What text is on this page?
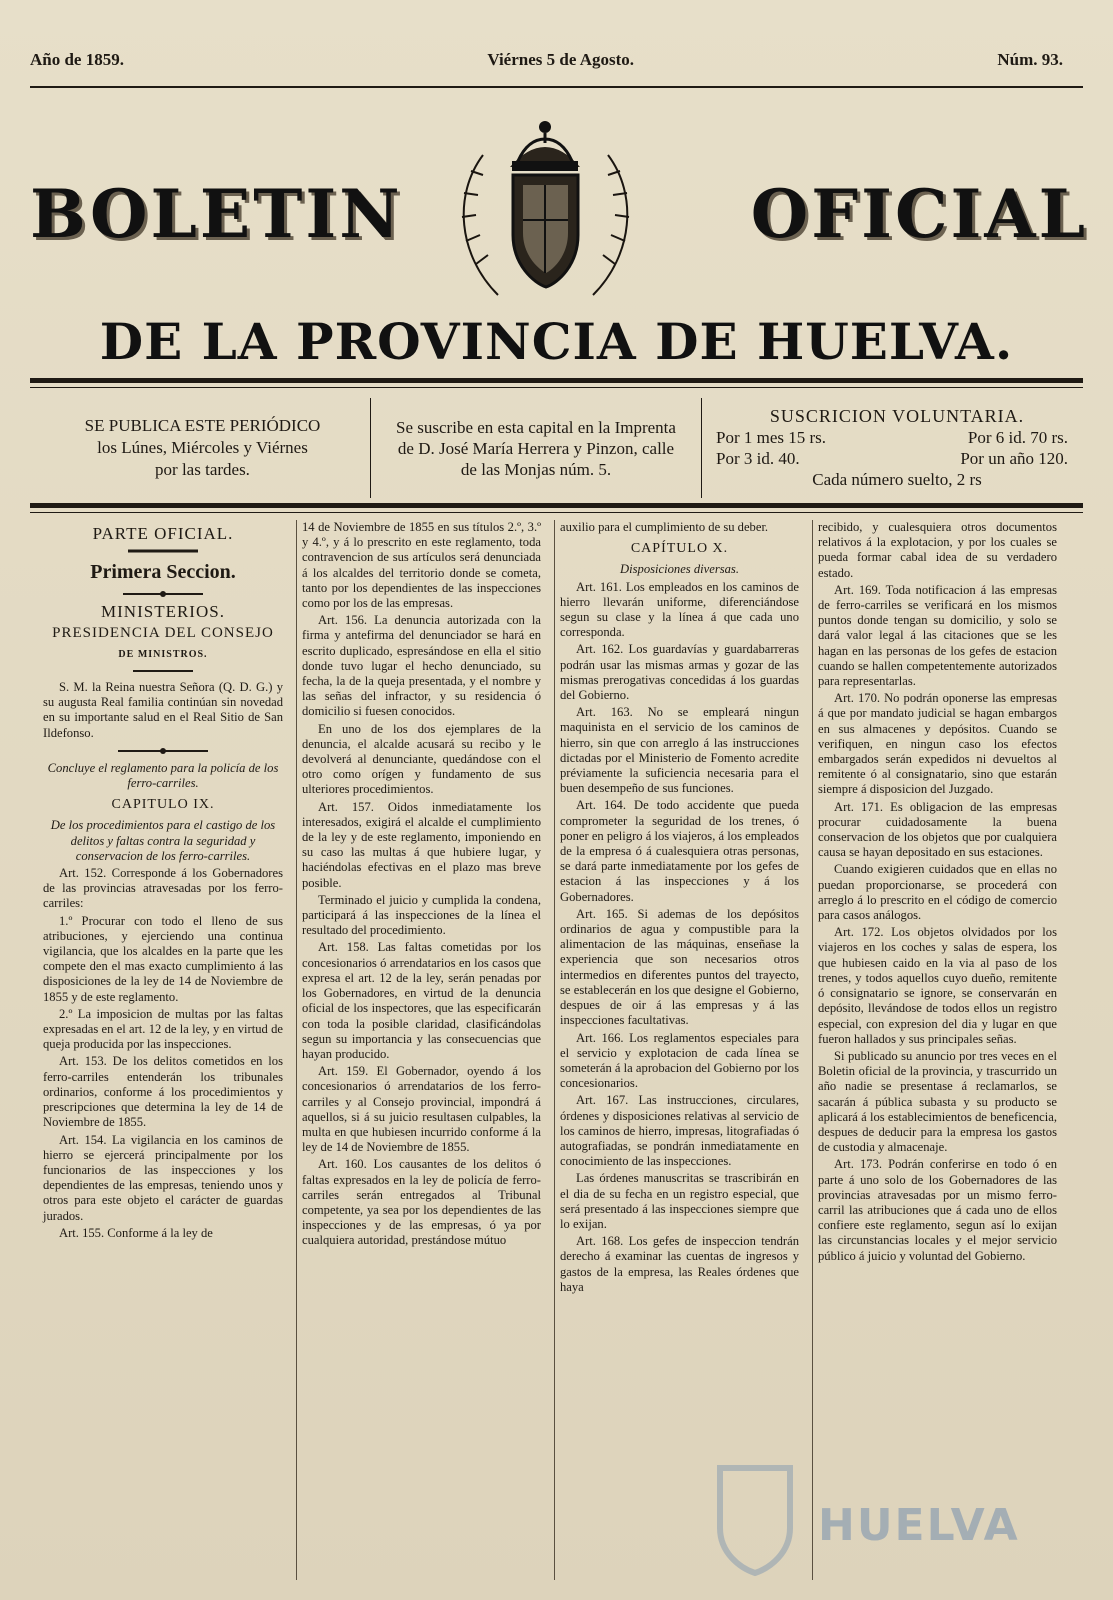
Año de 1859.	Viérnes 5 de Agosto.	Núm. 93.
BOLETIN	OFICIAL
DE LA PROVINCIA DE HUELVA.
SE PUBLICA ESTE PERIÓDICO
los Lúnes, Miércoles y Viérnes
por las tardes.
Se suscribe en esta capital en la Imprenta
de D. José María Herrera y Pinzon, calle
de las Monjas núm. 5.
SUSCRICION VOLUNTARIA.
Por 1 mes 15 rs.	Por 6 id. 70 rs.
Por 3 id. 40.	Por un año 120.
Cada número suelto, 2 rs

PARTE OFICIAL.

Primera Seccion.

MINISTERIOS.

PRESIDENCIA DEL CONSEJO

DE MINISTROS.

S. M. la Reina nuestra Señora (Q. D. G.) y su augusta Real familia continúan sin novedad en su importante salud en el Real Sitio de San Ildefonso.

Concluye el reglamento para la policía de los ferro-carriles.

CAPITULO IX.

De los procedimientos para el castigo de los delitos y faltas contra la seguridad y conservacion de los ferro-carriles.

Art. 152. Corresponde á los Gobernadores de las provincias atravesadas por los ferro-carriles:

1.º Procurar con todo el lleno de sus atribuciones, y ejerciendo una continua vigilancia, que los alcaldes en la parte que les compete den el mas exacto cumplimiento á las disposiciones de la ley de 14 de Noviembre de 1855 y de este reglamento.

2.º La imposicion de multas por las faltas expresadas en el art. 12 de la ley, y en virtud de queja producida por las inspecciones.

Art. 153. De los delitos cometidos en los ferro-carriles entenderán los tribunales ordinarios, conforme á los procedimientos y prescripciones que determina la ley de 14 de Noviembre de 1855.

Art. 154. La vigilancia en los caminos de hierro se ejercerá principalmente por los funcionarios de las inspecciones y los dependientes de las empresas, teniendo unos y otros para este objeto el carácter de guardas jurados.

Art. 155. Conforme á la ley de

14 de Noviembre de 1855 en sus títulos 2.º, 3.º y 4.º, y á lo prescrito en este reglamento, toda contravencion de sus artículos será denunciada á los alcaldes del territorio donde se cometa, tanto por los dependientes de las inspecciones como por los de las empresas.

Art. 156. La denuncia autorizada con la firma y antefirma del denunciador se hará en escrito duplicado, espresándose en ella el sitio donde tuvo lugar el hecho denunciado, su fecha, la de la queja presentada, y el nombre y las señas del infractor, y su residencia ó domicilio si fuesen conocidos.

En uno de los dos ejemplares de la denuncia, el alcalde acusará su recibo y le devolverá al denunciante, quedándose con el otro como orígen y fundamento de sus ulteriores procedimientos.

Art. 157. Oidos inmediatamente los interesados, exigirá el alcalde el cumplimiento de la ley y de este reglamento, imponiendo en su caso las multas á que hubiere lugar, y haciéndolas efectivas en el plazo mas breve posible.

Terminado el juicio y cumplida la condena, participará á las inspecciones de la línea el resultado del procedimiento.

Art. 158. Las faltas cometidas por los concesionarios ó arrendatarios en los casos que expresa el art. 12 de la ley, serán penadas por los Gobernadores, en virtud de la denuncia oficial de los inspectores, que las especificarán con toda la posible claridad, clasificándolas segun su importancia y las consecuencias que hayan producido.

Art. 159. El Gobernador, oyendo á los concesionarios ó arrendatarios de los ferro-carriles y al Consejo provincial, impondrá á aquellos, si á su juicio resultasen culpables, la multa en que hubiesen incurrido conforme á la ley de 14 de Noviembre de 1855.

Art. 160. Los causantes de los delitos ó faltas expresados en la ley de policía de ferro-carriles serán entregados al Tribunal competente, ya sea por los dependientes de las inspecciones y de las empresas, ó ya por cualquiera autoridad, prestándose mútuo

auxilio para el cumplimiento de su deber.

CAPÍTULO X.

Disposiciones diversas.

Art. 161. Los empleados en los caminos de hierro llevarán uniforme, diferenciándose segun su clase y la línea á que cada uno corresponda.

Art. 162. Los guardavías y guardabarreras podrán usar las mismas armas y gozar de las mismas prerogativas concedidas á los guardas del Gobierno.

Art. 163. No se empleará ningun maquinista en el servicio de los caminos de hierro, sin que con arreglo á las instrucciones dictadas por el Ministerio de Fomento acredite préviamente la suficiencia necesaria para el buen desempeño de sus funciones.

Art. 164. De todo accidente que pueda comprometer la seguridad de los trenes, ó poner en peligro á los viajeros, á los empleados de la empresa ó á cualesquiera otras personas, se dará parte inmediatamente por los gefes de estacion á las inspecciones y á los Gobernadores.

Art. 165. Si ademas de los depósitos ordinarios de agua y compustible para la alimentacion de las máquinas, enseñase la experiencia que son necesarios otros intermedios en diferentes puntos del trayecto, se establecerán en los que designe el Gobierno, despues de oir á las empresas y á las inspecciones facultativas.

Art. 166. Los reglamentos especiales para el servicio y explotacion de cada línea se someterán á la aprobacion del Gobierno por los concesionarios.

Art. 167. Las instrucciones, circulares, órdenes y disposiciones relativas al servicio de los caminos de hierro, impresas, litografiadas ó autografiadas, se pondrán inmediatamente en conocimiento de las inspecciones.

Las órdenes manuscritas se trascribirán en el dia de su fecha en un registro especial, que será presentado á las inspecciones siempre que lo exijan.

Art. 168. Los gefes de inspeccion tendrán derecho á examinar las cuentas de ingresos y gastos de la empresa, las Reales órdenes que haya

recibido, y cualesquiera otros documentos relativos á la explotacion, y por los cuales se pueda formar cabal idea de su verdadero estado.

Art. 169. Toda notificacion á las empresas de ferro-carriles se verificará en los mismos puntos donde tengan su domicilio, y solo se dará valor legal á las citaciones que se les hagan en las personas de los gefes de estacion cuando se hallen competentemente autorizados para representarlas.

Art. 170. No podrán oponerse las empresas á que por mandato judicial se hagan embargos en sus almacenes y depósitos. Cuando se verifiquen, en ningun caso los efectos embargados serán expedidos ni devueltos al remitente ó al consignatario, sino que estarán siempre á disposicion del Juzgado.

Art. 171. Es obligacion de las empresas procurar cuidadosamente la buena conservacion de los objetos que por cualquiera causa se hayan depositado en sus estaciones.

Cuando exigieren cuidados que en ellas no puedan proporcionarse, se procederá con arreglo á lo prescrito en el código de comercio para casos análogos.

Art. 172. Los objetos olvidados por los viajeros en los coches y salas de espera, los que hubiesen caido en la via al paso de los trenes, y todos aquellos cuyo dueño, remitente ó consignatario se ignore, se conservarán en depósito, llevándose de todos ellos un registro especial, con expresion del dia y lugar en que fueron hallados y sus principales señas.

Si publicado su anuncio por tres veces en el Boletin oficial de la provincia, y trascurrido un año nadie se presentase á reclamarlos, se sacarán á pública subasta y su producto se aplicará á los establecimientos de beneficencia, despues de deducir para la empresa los gastos de custodia y almacenaje.

Art. 173. Podrán conferirse en todo ó en parte á uno solo de los Gobernadores de las provincias atravesadas por un mismo ferro-carril las atribuciones que á cada uno de ellos confiere este reglamento, segun así lo exijan las circunstancias locales y el mejor servicio público á juicio y voluntad del Gobierno.

HUELVA
